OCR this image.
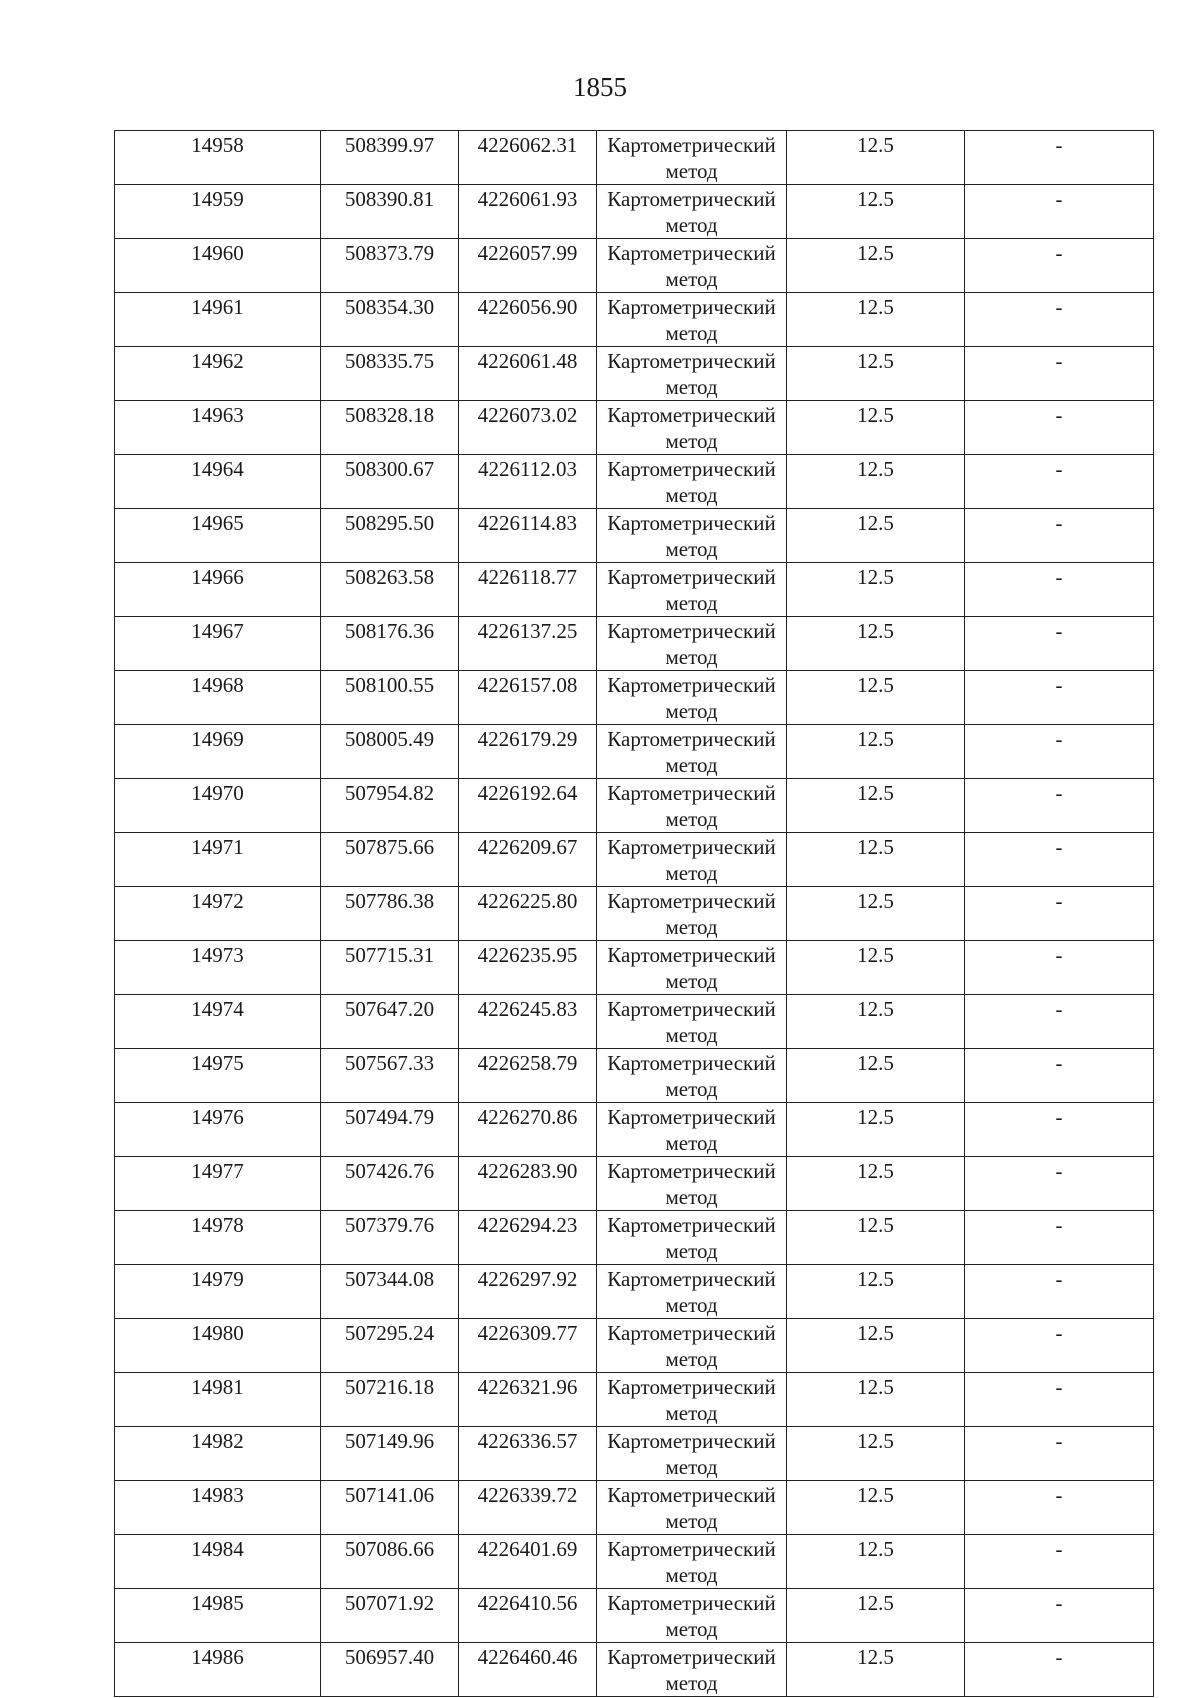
1855
14958	508399.97	4226062.31	Картометрический метод	12.5	-
14959	508390.81	4226061.93	Картометрический метод	12.5	-
14960	508373.79	4226057.99	Картометрический метод	12.5	-
14961	508354.30	4226056.90	Картометрический метод	12.5	-
14962	508335.75	4226061.48	Картометрический метод	12.5	-
14963	508328.18	4226073.02	Картометрический метод	12.5	-
14964	508300.67	4226112.03	Картометрический метод	12.5	-
14965	508295.50	4226114.83	Картометрический метод	12.5	-
14966	508263.58	4226118.77	Картометрический метод	12.5	-
14967	508176.36	4226137.25	Картометрический метод	12.5	-
14968	508100.55	4226157.08	Картометрический метод	12.5	-
14969	508005.49	4226179.29	Картометрический метод	12.5	-
14970	507954.82	4226192.64	Картометрический метод	12.5	-
14971	507875.66	4226209.67	Картометрический метод	12.5	-
14972	507786.38	4226225.80	Картометрический метод	12.5	-
14973	507715.31	4226235.95	Картометрический метод	12.5	-
14974	507647.20	4226245.83	Картометрический метод	12.5	-
14975	507567.33	4226258.79	Картометрический метод	12.5	-
14976	507494.79	4226270.86	Картометрический метод	12.5	-
14977	507426.76	4226283.90	Картометрический метод	12.5	-
14978	507379.76	4226294.23	Картометрический метод	12.5	-
14979	507344.08	4226297.92	Картометрический метод	12.5	-
14980	507295.24	4226309.77	Картометрический метод	12.5	-
14981	507216.18	4226321.96	Картометрический метод	12.5	-
14982	507149.96	4226336.57	Картометрический метод	12.5	-
14983	507141.06	4226339.72	Картометрический метод	12.5	-
14984	507086.66	4226401.69	Картометрический метод	12.5	-
14985	507071.92	4226410.56	Картометрический метод	12.5	-
14986	506957.40	4226460.46	Картометрический метод	12.5	-
